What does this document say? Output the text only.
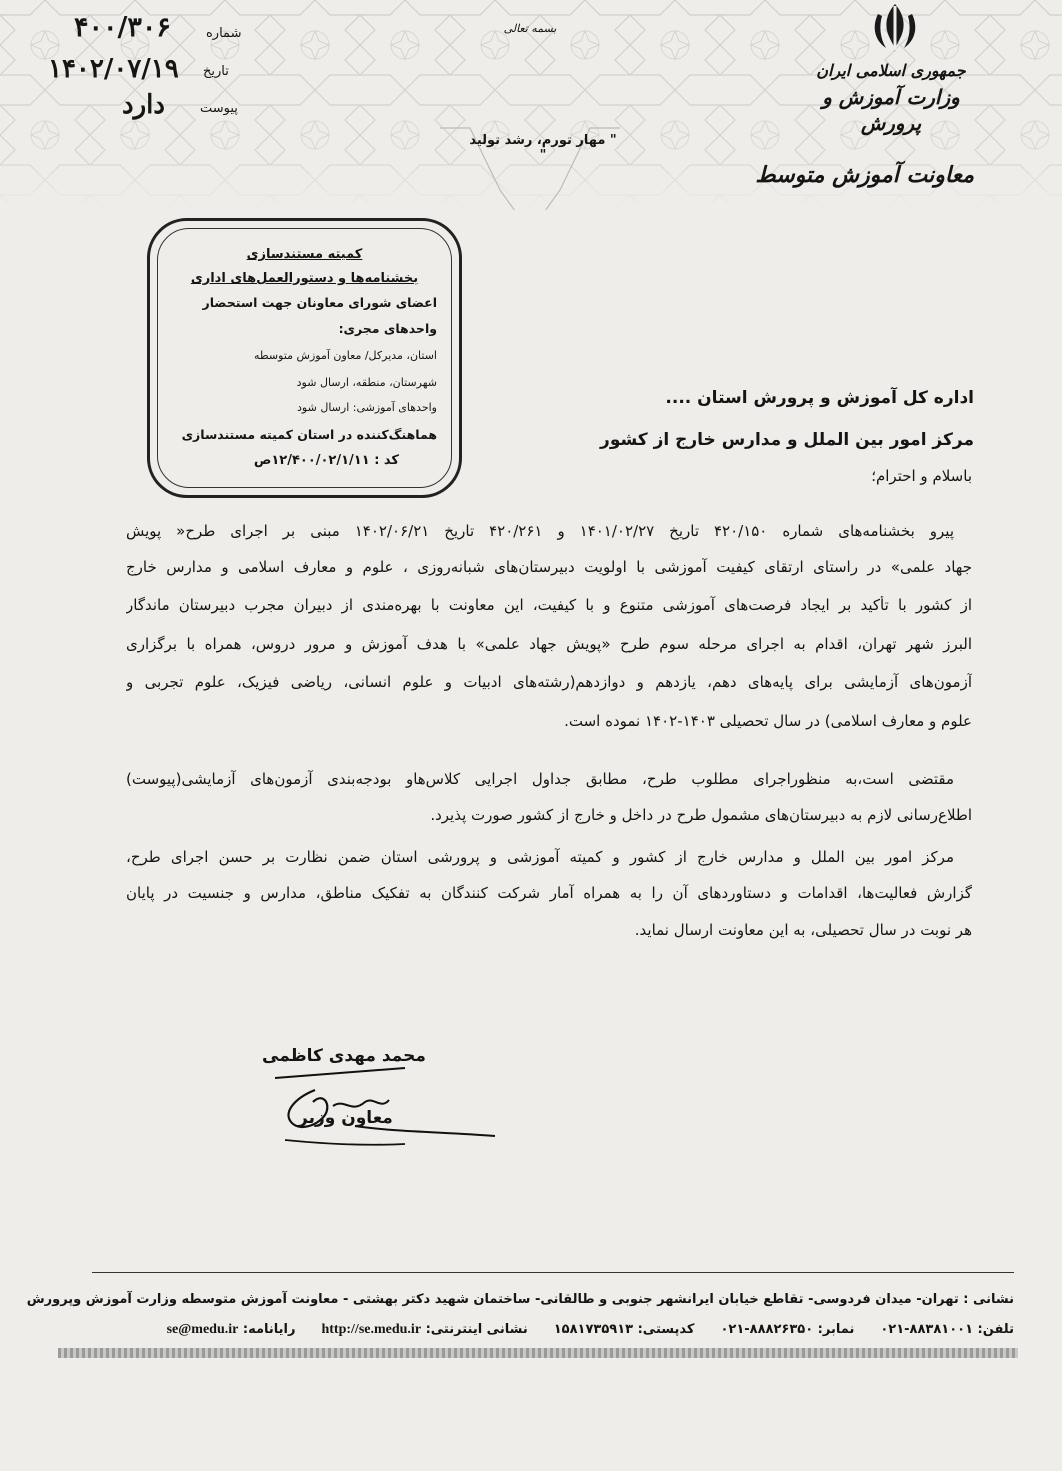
جمهوری اسلامی ایران
وزارت آموزش و پرورش
بسمه تعالی
شماره
۴۰۰/۳۰۶
تاریخ
۱۴۰۲/۰۷/۱۹
پیوست
دارد
" مهار تورم، رشد تولید "
معاونت آموزش متوسط
کمیته مستندسازی
بخشنامه‌ها و دستورالعمل‌های اداری
اعضای شورای معاونان جهت استحضار
واحدهای مجری:
استان، مدیرکل/ معاون آموزش متوسطه
شهرستان، منطقه، ارسال شود
واحدهای آموزشی: ارسال شود
هماهنگ‌کننده در استان کمیته مستندسازی
کد : ۱۲/۴۰۰/۰۲/۱/۱۱ص
اداره کل آموزش و پرورش استان ....
مرکز امور بین الملل و مدارس خارج از کشور
باسلام و احترام؛
پیرو بخشنامه‌های شماره ۴۲۰/۱۵۰ تاریخ ۱۴۰۱/۰۲/۲۷ و ۴۲۰/۲۶۱ تاریخ ۱۴۰۲/۰۶/۲۱ مبنی بر اجرای طرح« پویش
جهاد علمی» در راستای ارتقای کیفیت آموزشی با اولویت دبیرستان‌های شبانه‌روزی ، علوم و معارف اسلامی و مدارس خارج
از کشور با تأکید بر ایجاد فرصت‌های آموزشی متنوع و با کیفیت، این معاونت با بهره‌مندی از دبیران مجرب دبیرستان ماندگار
البرز شهر تهران، اقدام به اجرای مرحله سوم طرح «پویش جهاد علمی» با هدف آموزش و مرور دروس، همراه با برگزاری
آزمون‌های آزمایشی برای پایه‌های دهم، یازدهم و دوازدهم(رشته‌های ادبیات و علوم انسانی، ریاضی فیزیک، علوم تجربی و
علوم و معارف اسلامی) در سال تحصیلی ۱۴۰۳-۱۴۰۲ نموده است.
مقتضی است،به منظوراجرای مطلوب طرح، مطابق جداول اجرایی کلاس‌هاو بودجه‌بندی آزمون‌های آزمایشی(پیوست)
اطلاع‌رسانی لازم به دبیرستان‌های مشمول طرح در داخل و خارج از کشور صورت پذیرد.
مرکز امور بین الملل و مدارس خارج از کشور و کمیته آموزشی و پرورشی استان ضمن نظارت بر حسن اجرای طرح،
گزارش فعالیت‌ها، اقدامات و دستاوردهای آن را به همراه آمار شرکت کنندگان به تفکیک مناطق، مدارس و جنسیت در پایان
هر نوبت در سال تحصیلی، به این معاونت ارسال نماید.
محمد مهدی کاظمی
معاون وزیر
نشانی : تهران- میدان فردوسی- تقاطع خیابان ایرانشهر جنوبی و طالقانی- ساختمان شهید دکتر بهشتی - معاونت آموزش متوسطه وزارت آموزش وپرورش
تلفن: ۸۸۳۸۱۰۰۱-۰۲۱
نمابر: ۸۸۸۲۶۳۵۰-۰۲۱
کدپستی: ۱۵۸۱۷۳۵۹۱۳
نشانی اینترنتی: http://se.medu.ir
رایانامه: se@medu.ir
